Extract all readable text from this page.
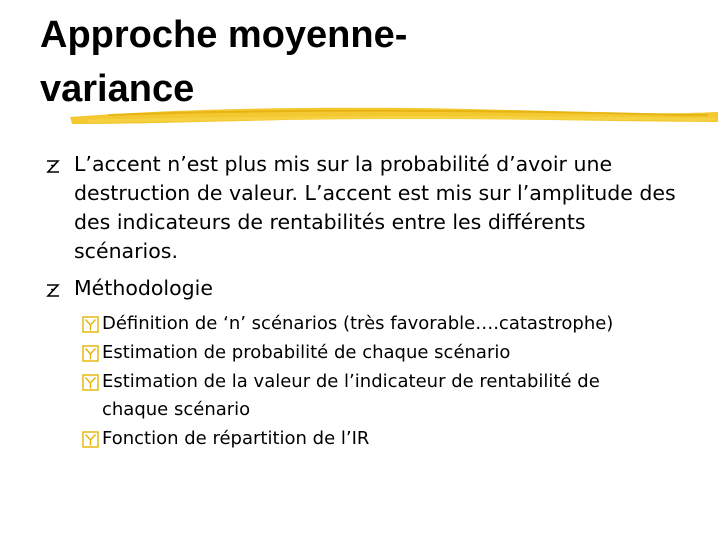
Approche moyenne-
variance
L’accent n’est plus mis sur la probabilité d’avoir une destruction de valeur. L’accent est mis sur l’amplitude des des indicateurs de rentabilités entre les différents scénarios.
Méthodologie
Définition de ‘n’ scénarios (très favorable….catastrophe)
Estimation de probabilité de chaque scénario
Estimation de la valeur de l’indicateur de rentabilité de
chaque scénario
Fonction de répartition de l’IR
